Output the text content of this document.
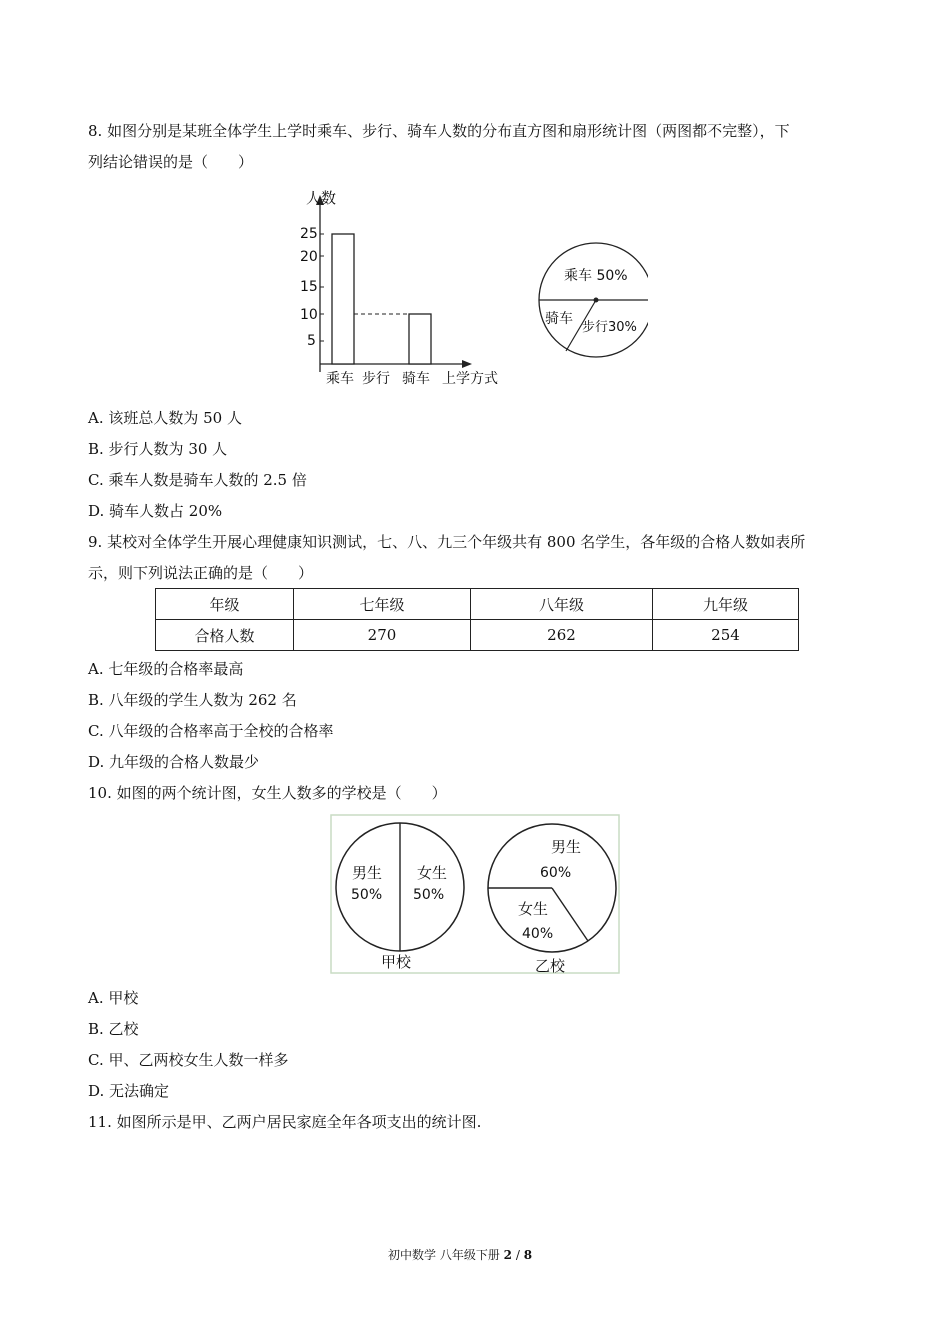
8. 如图分别是某班全体学生上学时乘车、步行、骑车人数的分布直方图和扇形统计图（两图都不完整），下
列结论错误的是（　　）
人数
25
20
15
10
5
乘车 步行 骑车 上学方式
乘车 50%
骑车
步行30%
A. 该班总人数为 50 人
B. 步行人数为 30 人
C. 乘车人数是骑车人数的 2.5 倍
D. 骑车人数占 20%
9. 某校对全体学生开展心理健康知识测试，七、八、九三个年级共有 800 名学生，各年级的合格人数如表所
示，则下列说法正确的是（　　）
年级	七年级	八年级	九年级
合格人数	270	262	254
A. 七年级的合格率最高
B. 八年级的学生人数为 262 名
C. 八年级的合格率高于全校的合格率
D. 九年级的合格人数最少
10. 如图的两个统计图，女生人数多的学校是（　　）
男生
50%
女生
50%
甲校
男生
60%
女生
40%
乙校
A. 甲校
B. 乙校
C. 甲、乙两校女生人数一样多
D. 无法确定
11. 如图所示是甲、乙两户居民家庭全年各项支出的统计图.
初中数学 八年级下册 2 / 8
